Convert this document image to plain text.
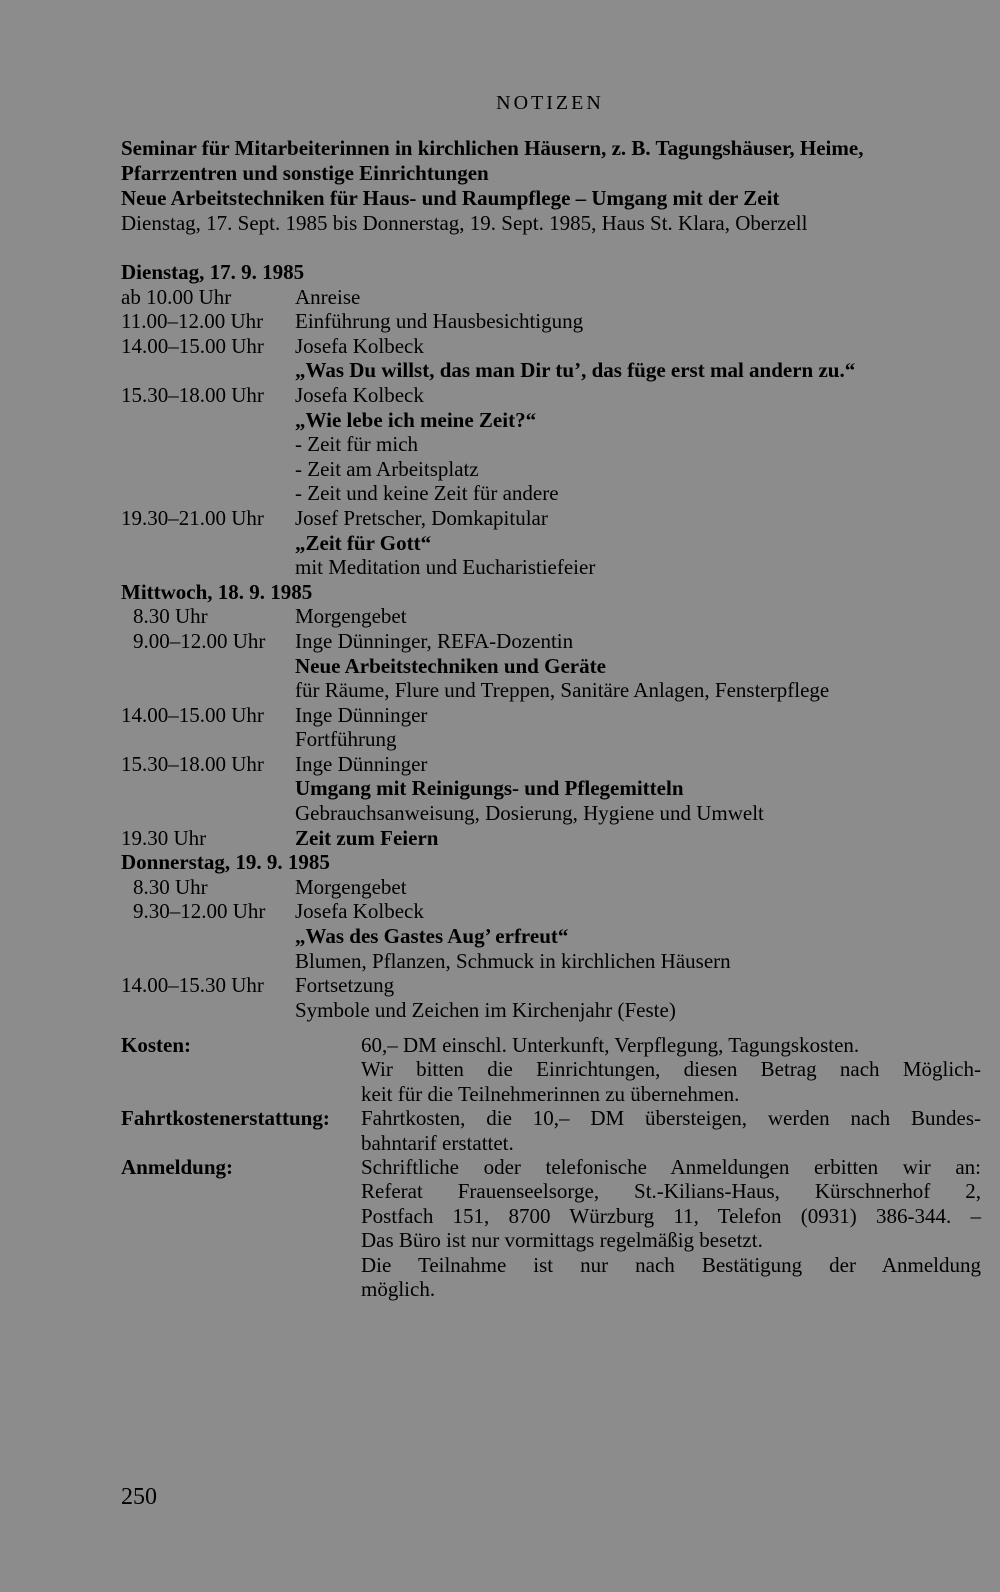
NOTIZEN
Seminar für Mitarbeiterinnen in kirchlichen Häusern, z. B. Tagungshäuser, Heime,
Pfarrzentren und sonstige Einrichtungen
Neue Arbeitstechniken für Haus- und Raumpflege – Umgang mit der Zeit
Dienstag, 17. Sept. 1985 bis Donnerstag, 19. Sept. 1985, Haus St. Klara, Oberzell
Dienstag, 17. 9. 1985
ab 10.00 Uhr	Anreise
11.00–12.00 Uhr	Einführung und Hausbesichtigung
14.00–15.00 Uhr	Josefa Kolbeck
„Was Du willst, das man Dir tu’, das füge erst mal andern zu.“
15.30–18.00 Uhr	Josefa Kolbeck
„Wie lebe ich meine Zeit?“
- Zeit für mich
- Zeit am Arbeitsplatz
- Zeit und keine Zeit für andere
19.30–21.00 Uhr	Josef Pretscher, Domkapitular
„Zeit für Gott“
mit Meditation und Eucharistiefeier
Mittwoch, 18. 9. 1985
8.30 Uhr	Morgengebet
9.00–12.00 Uhr	Inge Dünninger, REFA-Dozentin
Neue Arbeitstechniken und Geräte
für Räume, Flure und Treppen, Sanitäre Anlagen, Fensterpflege
14.00–15.00 Uhr	Inge Dünninger
Fortführung
15.30–18.00 Uhr	Inge Dünninger
Umgang mit Reinigungs- und Pflegemitteln
Gebrauchsanweisung, Dosierung, Hygiene und Umwelt
19.30 Uhr	Zeit zum Feiern
Donnerstag, 19. 9. 1985
8.30 Uhr	Morgengebet
9.30–12.00 Uhr	Josefa Kolbeck
„Was des Gastes Aug’ erfreut“
Blumen, Pflanzen, Schmuck in kirchlichen Häusern
14.00–15.30 Uhr	Fortsetzung
Symbole und Zeichen im Kirchenjahr (Feste)
Kosten:	60,– DM einschl. Unterkunft, Verpflegung, Tagungskosten.
Wir bitten die Einrichtungen, diesen Betrag nach Möglich-
keit für die Teilnehmerinnen zu übernehmen.
Fahrtkostenerstattung:	Fahrtkosten, die 10,– DM übersteigen, werden nach Bundes-
bahntarif erstattet.
Anmeldung:	Schriftliche oder telefonische Anmeldungen erbitten wir an:
Referat Frauenseelsorge, St.-Kilians-Haus, Kürschnerhof 2,
Postfach 151, 8700 Würzburg 11, Telefon (0931) 386-344. –
Das Büro ist nur vormittags regelmäßig besetzt.
Die Teilnahme ist nur nach Bestätigung der Anmeldung
möglich.
250
